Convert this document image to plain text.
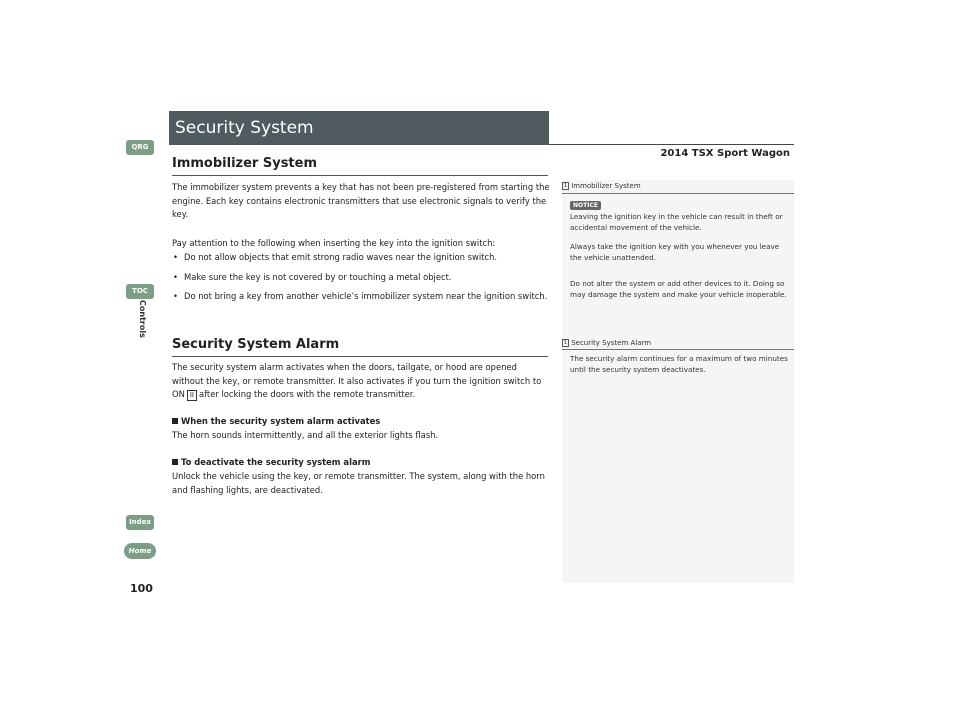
Security System
2014 TSX Sport Wagon
QRG
TOC
Controls
Index
Home
100
Immobilizer System

The immobilizer system prevents a key that has not been pre-registered from starting the engine. Each key contains electronic transmitters that use electronic signals to verify the key.

Pay attention to the following when inserting the key into the ignition switch:

• Do not allow objects that emit strong radio waves near the ignition switch.
• Make sure the key is not covered by or touching a metal object.
• Do not bring a key from another vehicle’s immobilizer system near the ignition switch.
Security System Alarm

The security system alarm activates when the doors, tailgate, or hood are opened without the key, or remote transmitter. It also activates if you turn the ignition switch to ON II after locking the doors with the remote transmitter.

When the security system alarm activates

The horn sounds intermittently, and all the exterior lights flash.

To deactivate the security system alarm

Unlock the vehicle using the key, or remote transmitter. The system, along with the horn and flashing lights, are deactivated.

1 Immobilizer System
NOTICE

Leaving the ignition key in the vehicle can result in theft or accidental movement of the vehicle.

Always take the ignition key with you whenever you leave the vehicle unattended.

Do not alter the system or add other devices to it. Doing so may damage the system and make your vehicle inoperable.

1 Security System Alarm

The security alarm continues for a maximum of two minutes until the security system deactivates.
